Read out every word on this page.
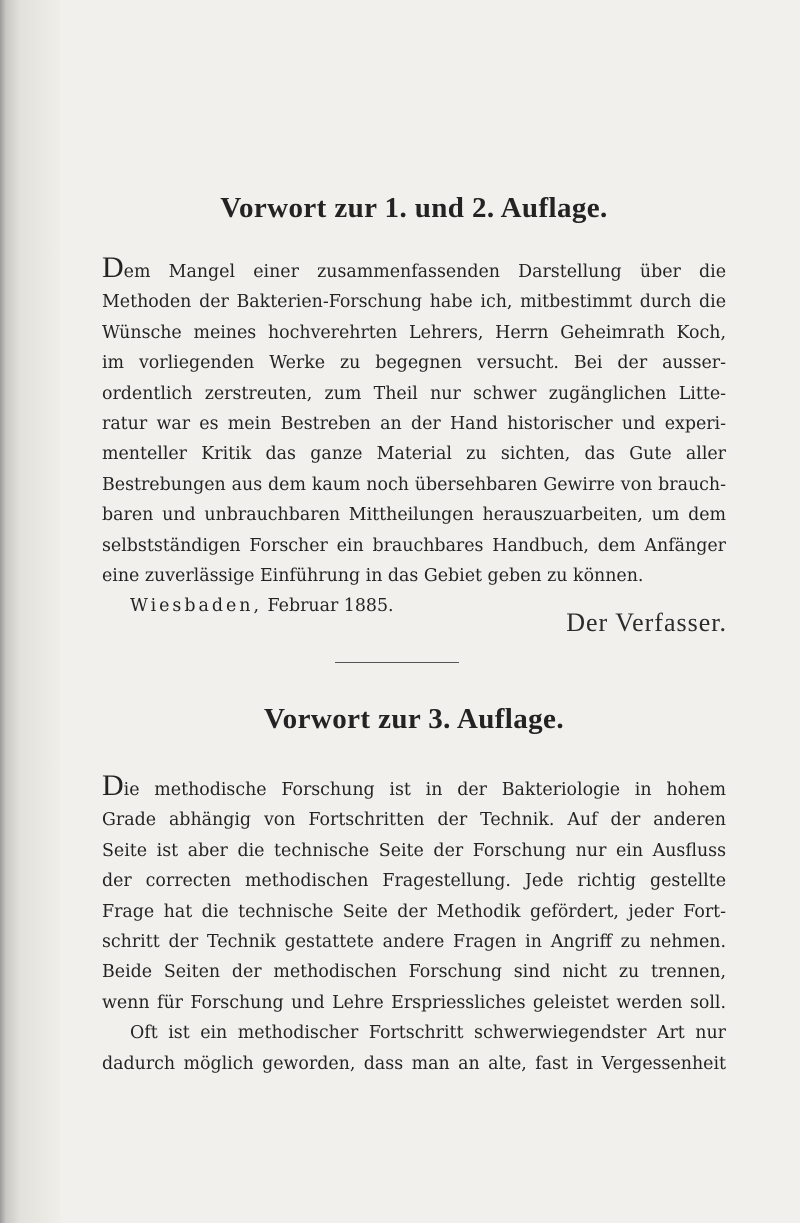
Vorwort zur 1. und 2. Auflage.
Dem Mangel einer zusammenfassenden Darstellung über die
Methoden der Bakterien-Forschung habe ich, mitbestimmt durch die
Wünsche meines hochverehrten Lehrers, Herrn Geheimrath Koch,
im vorliegenden Werke zu begegnen versucht. Bei der ausser-
ordentlich zerstreuten, zum Theil nur schwer zugänglichen Litte-
ratur war es mein Bestreben an der Hand historischer und experi-
menteller Kritik das ganze Material zu sichten, das Gute aller
Bestrebungen aus dem kaum noch übersehbaren Gewirre von brauch-
baren und unbrauchbaren Mittheilungen herauszuarbeiten, um dem
selbstständigen Forscher ein brauchbares Handbuch, dem Anfänger
eine zuverlässige Einführung in das Gebiet geben zu können.
Wiesbaden, Februar 1885.
Der Verfasser.
Vorwort zur 3. Auflage.
Die methodische Forschung ist in der Bakteriologie in hohem
Grade abhängig von Fortschritten der Technik. Auf der anderen
Seite ist aber die technische Seite der Forschung nur ein Ausfluss
der correcten methodischen Fragestellung. Jede richtig gestellte
Frage hat die technische Seite der Methodik gefördert, jeder Fort-
schritt der Technik gestattete andere Fragen in Angriff zu nehmen.
Beide Seiten der methodischen Forschung sind nicht zu trennen,
wenn für Forschung und Lehre Erspriessliches geleistet werden soll.
Oft ist ein methodischer Fortschritt schwerwiegendster Art nur
dadurch möglich geworden, dass man an alte, fast in Vergessenheit
